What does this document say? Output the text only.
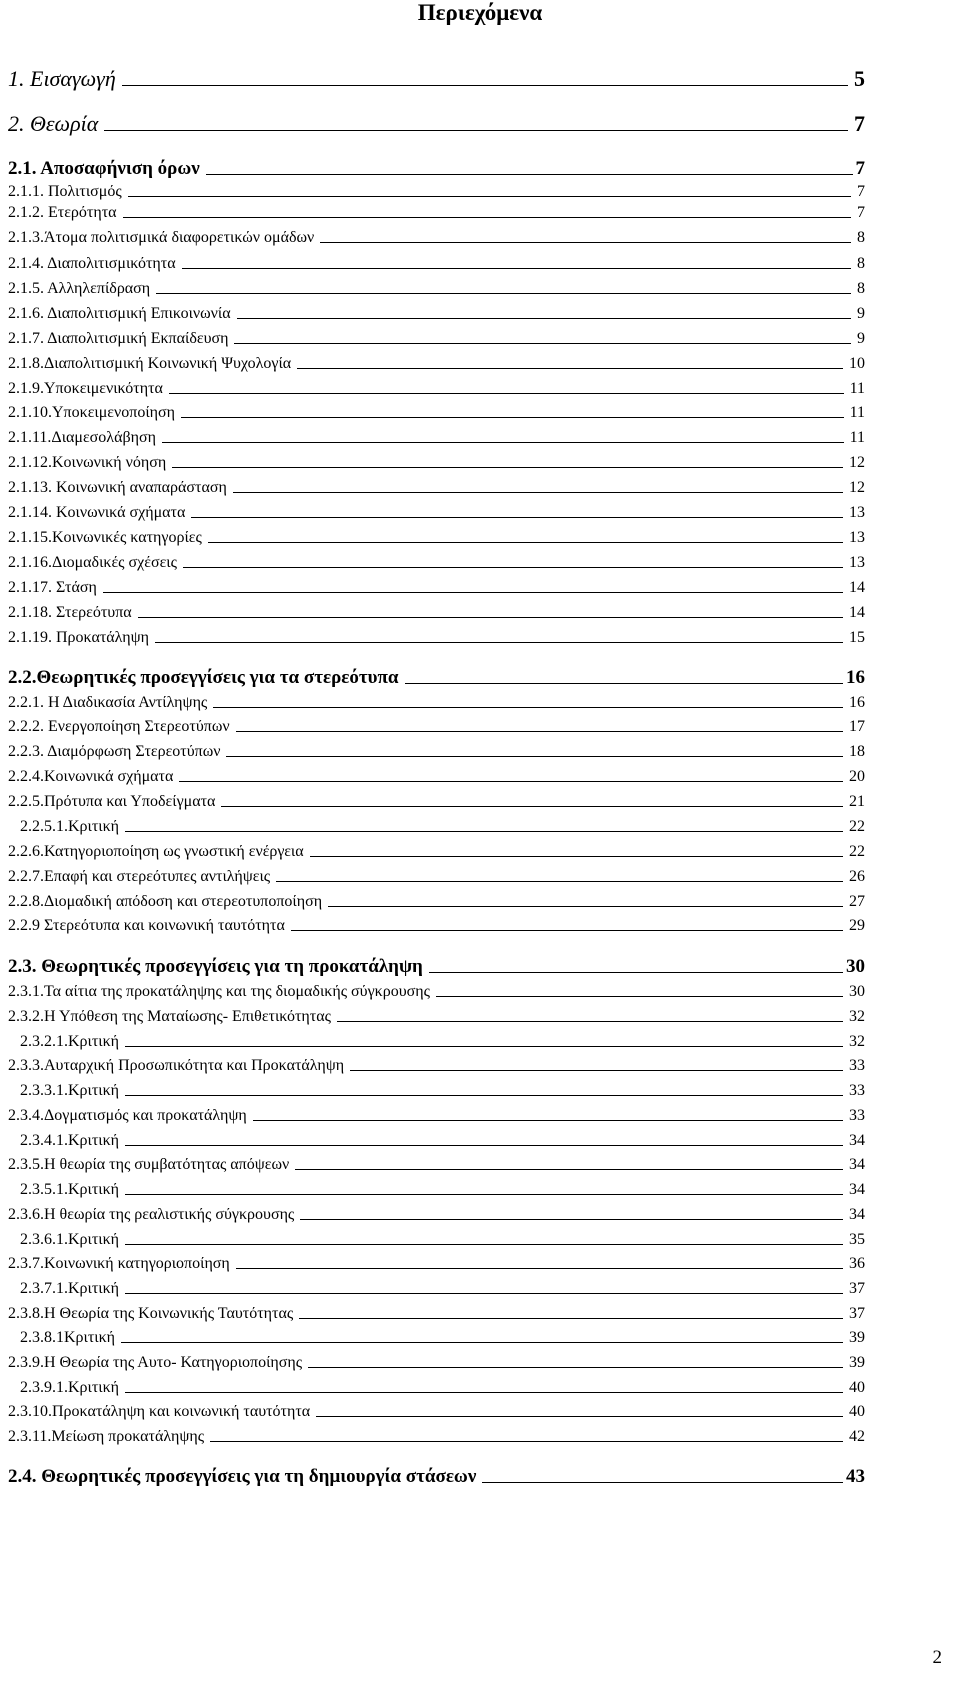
Περιεχόμενα
1. Εισαγωγή	5
2. Θεωρία	7
2.1. Αποσαφήνιση όρων	7
2.1.1. Πολιτισμός	7
2.1.2. Ετερότητα	7
2.1.3.Άτομα πολιτισμικά διαφορετικών ομάδων	8
2.1.4. Διαπολιτισμικότητα	8
2.1.5. Αλληλεπίδραση	8
2.1.6. Διαπολιτισμική Επικοινωνία	9
2.1.7. Διαπολιτισμική Εκπαίδευση	9
2.1.8.Διαπολιτισμική Κοινωνική Ψυχολογία	10
2.1.9.Υποκειμενικότητα	11
2.1.10.Υποκειμενοποίηση	11
2.1.11.Διαμεσολάβηση	11
2.1.12.Κοινωνική νόηση	12
2.1.13. Κοινωνική αναπαράσταση	12
2.1.14. Κοινωνικά σχήματα	13
2.1.15.Κοινωνικές κατηγορίες	13
2.1.16.Διομαδικές σχέσεις	13
2.1.17. Στάση	14
2.1.18. Στερεότυπα	14
2.1.19. Προκατάληψη	15
2.2.Θεωρητικές προσεγγίσεις για τα στερεότυπα	16
2.2.1. Η Διαδικασία Αντίληψης	16
2.2.2. Ενεργοποίηση Στερεοτύπων	17
2.2.3. Διαμόρφωση Στερεοτύπων	18
2.2.4.Κοινωνικά σχήματα	20
2.2.5.Πρότυπα και Υποδείγματα	21
2.2.5.1.Κριτική	22
2.2.6.Κατηγοριοποίηση ως γνωστική ενέργεια	22
2.2.7.Επαφή και στερεότυπες αντιλήψεις	26
2.2.8.Διομαδική απόδοση και στερεοτυποποίηση	27
2.2.9 Στερεότυπα και κοινωνική ταυτότητα	29
2.3. Θεωρητικές προσεγγίσεις για τη προκατάληψη	30
2.3.1.Τα αίτια της προκατάληψης και της διομαδικής σύγκρουσης	30
2.3.2.Η Υπόθεση της Ματαίωσης- Επιθετικότητας	32
2.3.2.1.Κριτική	32
2.3.3.Αυταρχική Προσωπικότητα και Προκατάληψη	33
2.3.3.1.Κριτική	33
2.3.4.Δογματισμός και προκατάληψη	33
2.3.4.1.Κριτική	34
2.3.5.Η θεωρία της συμβατότητας απόψεων	34
2.3.5.1.Κριτική	34
2.3.6.Η θεωρία της ρεαλιστικής σύγκρουσης	34
2.3.6.1.Κριτική	35
2.3.7.Κοινωνική κατηγοριοποίηση	36
2.3.7.1.Κριτική	37
2.3.8.Η Θεωρία της Κοινωνικής Ταυτότητας	37
2.3.8.1Κριτική	39
2.3.9.Η Θεωρία της Αυτο- Κατηγοριοποίησης	39
2.3.9.1.Κριτική	40
2.3.10.Προκατάληψη και κοινωνική ταυτότητα	40
2.3.11.Μείωση προκατάληψης	42
2.4. Θεωρητικές προσεγγίσεις για τη δημιουργία στάσεων	43
2
